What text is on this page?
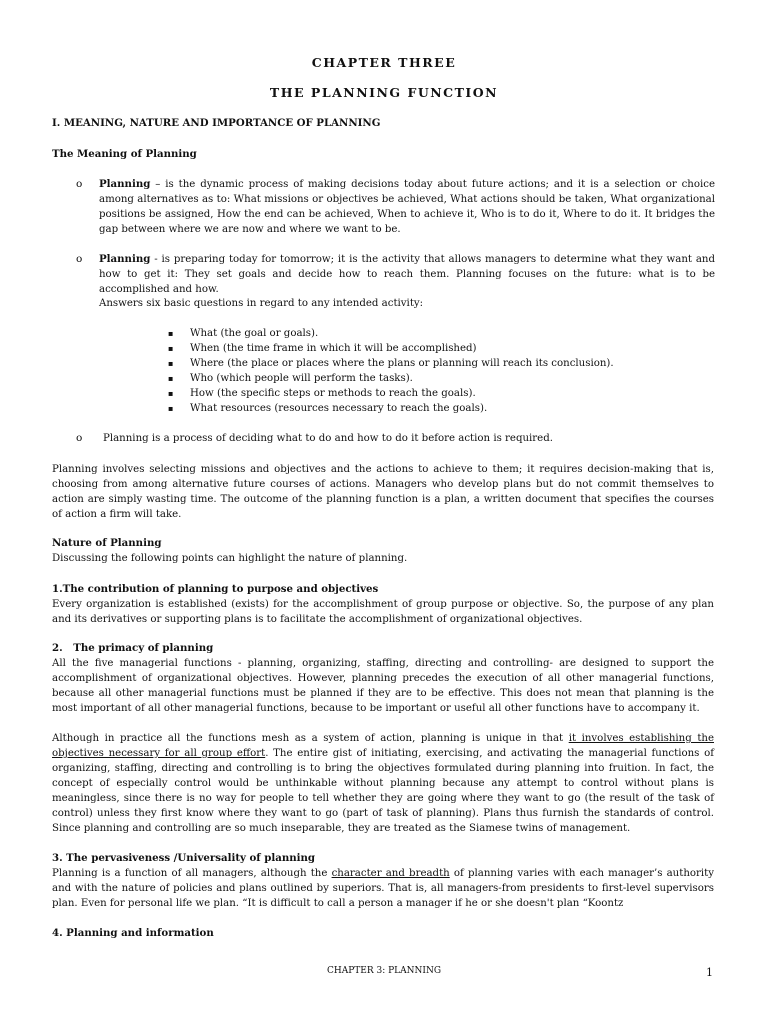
CHAPTER THREE
THE PLANNING FUNCTION
I. MEANING, NATURE AND IMPORTANCE OF PLANNING
The Meaning of Planning
o Planning – is the dynamic process of making decisions today about future actions; and it is a selection or choice among alternatives as to: What missions or objectives be achieved, What actions should be taken, What organizational positions be assigned, How the end can be achieved, When to achieve it, Who is to do it, Where to do it. It bridges the gap between where we are now and where we want to be.

o Planning - is preparing today for tomorrow; it is the activity that allows managers to determine what they want and how to get it: They set goals and decide how to reach them. Planning focuses on the future: what is to be accomplished and how.

Answers six basic questions in regard to any intended activity:
▪ What (the goal or goals).
▪ When (the time frame in which it will be accomplished)
▪ Where (the place or places where the plans or planning will reach its conclusion).
▪ Who (which people will perform the tasks).
▪ How (the specific steps or methods to reach the goals).
▪ What resources (resources necessary to reach the goals).
o Planning is a process of deciding what to do and how to do it before action is required.

Planning involves selecting missions and objectives and the actions to achieve to them; it requires decision-making that is, choosing from among alternative future courses of actions. Managers who develop plans but do not commit themselves to action are simply wasting time. The outcome of the planning function is a plan, a written document that specifies the courses of action a firm will take.

Nature of Planning
Discussing the following points can highlight the nature of planning.
1.The contribution of planning to purpose and objectives

Every organization is established (exists) for the accomplishment of group purpose or objective. So, the purpose of any plan and its derivatives or supporting plans is to facilitate the accomplishment of organizational objectives.

2.   The primacy of planning

All the five managerial functions - planning, organizing, staffing, directing and controlling- are designed to support the accomplishment of organizational objectives. However, planning precedes the execution of all other managerial functions, because all other managerial functions must be planned if they are to be effective. This does not mean that planning is the most important of all other managerial functions, because to be important or useful all other functions have to accompany it.

Although in practice all the functions mesh as a system of action, planning is unique in that it involves establishing the objectives necessary for all group effort. The entire gist of initiating, exercising, and activating the managerial functions of organizing, staffing, directing and controlling is to bring the objectives formulated during planning into fruition. In fact, the concept of especially control would be unthinkable without planning because any attempt to control without plans is meaningless, since there is no way for people to tell whether they are going where they want to go (the result of the task of control) unless they first know where they want to go (part of task of planning). Plans thus furnish the standards of control. Since planning and controlling are so much inseparable, they are treated as the Siamese twins of management.

3. The pervasiveness /Universality of planning

Planning is a function of all managers, although the character and breadth of planning varies with each manager’s authority and with the nature of policies and plans outlined by superiors. That is, all managers-from presidents to first-level supervisors plan. Even for personal life we plan. “It is difficult to call a person a manager if he or she doesn't plan “Koontz

4. Planning and information
CHAPTER 3: PLANNING	1
